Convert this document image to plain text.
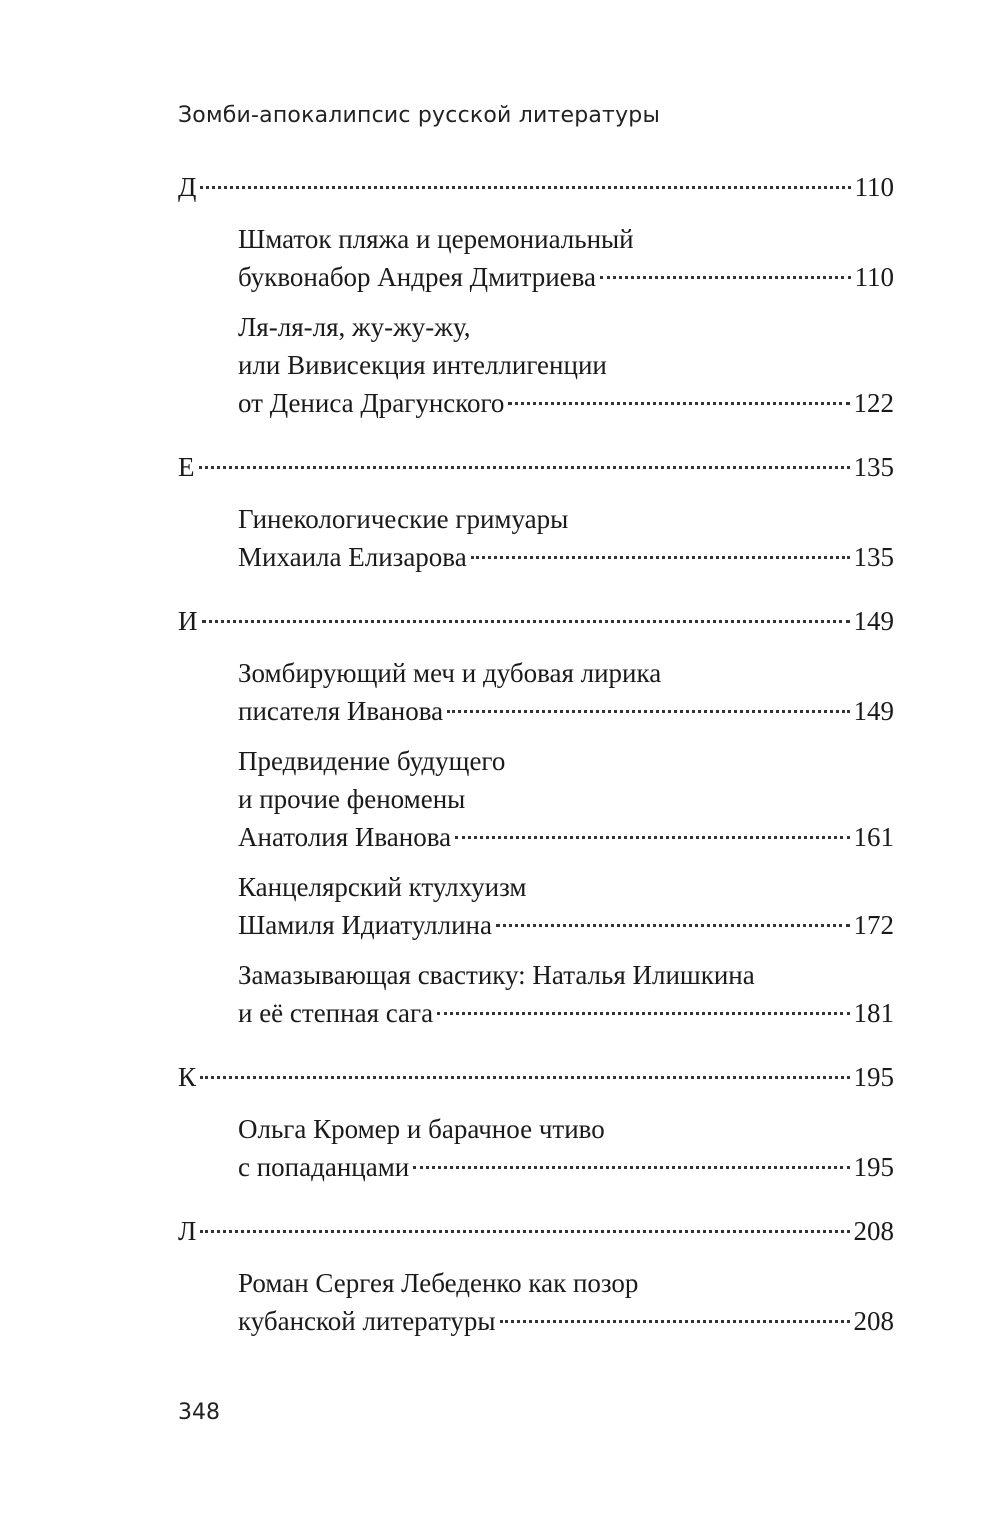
Зомби-апокалипсис русской литературы
Д	110
Шматок пляжа и церемониальный
буквонабор Андрея Дмитриева	110
Ля-ля-ля, жу-жу-жу,
или Вивисекция интеллигенции
от Дениса Драгунского	122
Е	135
Гинекологические гримуары
Михаила Елизарова	135
И	149
Зомбирующий меч и дубовая лирика
писателя Иванова	149
Предвидение будущего
и прочие феномены
Анатолия Иванова	161
Канцелярский ктулхуизм
Шамиля Идиатуллина	172
Замазывающая свастику: Наталья Илишкина
и её степная сага	181
К	195
Ольга Кромер и барачное чтиво
с попаданцами	195
Л	208
Роман Сергея Лебеденко как позор
кубанской литературы	208
348
